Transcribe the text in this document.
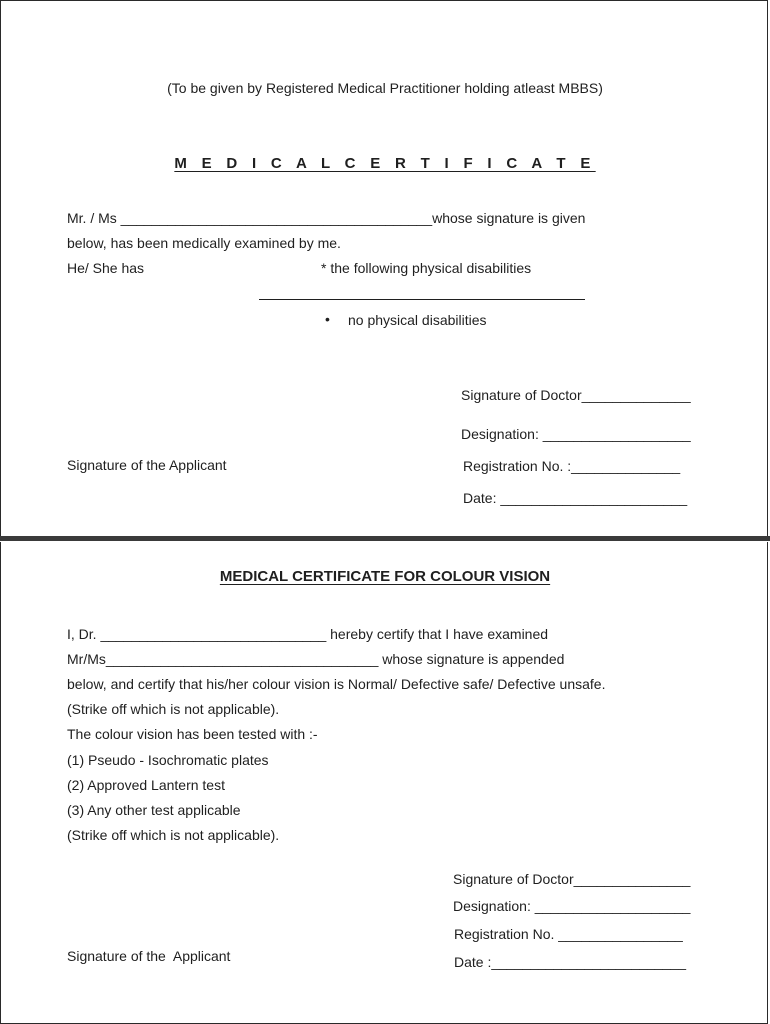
(To be given by Registered Medical Practitioner holding atleast MBBS)
M E D I C A L C E R T I F I C A T E
Mr. / Ms ________________________________________whose signature is given
below, has been medically examined by me.
He/ She has	* the following physical disabilities
• no physical disabilities
Signature of Doctor______________
Designation: ___________________
Signature of the Applicant	Registration No. :______________
Date: ________________________
MEDICAL CERTIFICATE FOR COLOUR VISION
I, Dr. _____________________________ hereby certify that I have examined
Mr/Ms___________________________________ whose signature is appended
below, and certify that his/her colour vision is Normal/ Defective safe/ Defective unsafe.
(Strike off which is not applicable).
The colour vision has been tested with :-
(1) Pseudo - Isochromatic plates
(2) Approved Lantern test
(3) Any other test applicable
(Strike off which is not applicable).
Signature of Doctor_______________
Designation: ____________________
Registration No. ________________
Signature of the  Applicant	Date :_________________________
